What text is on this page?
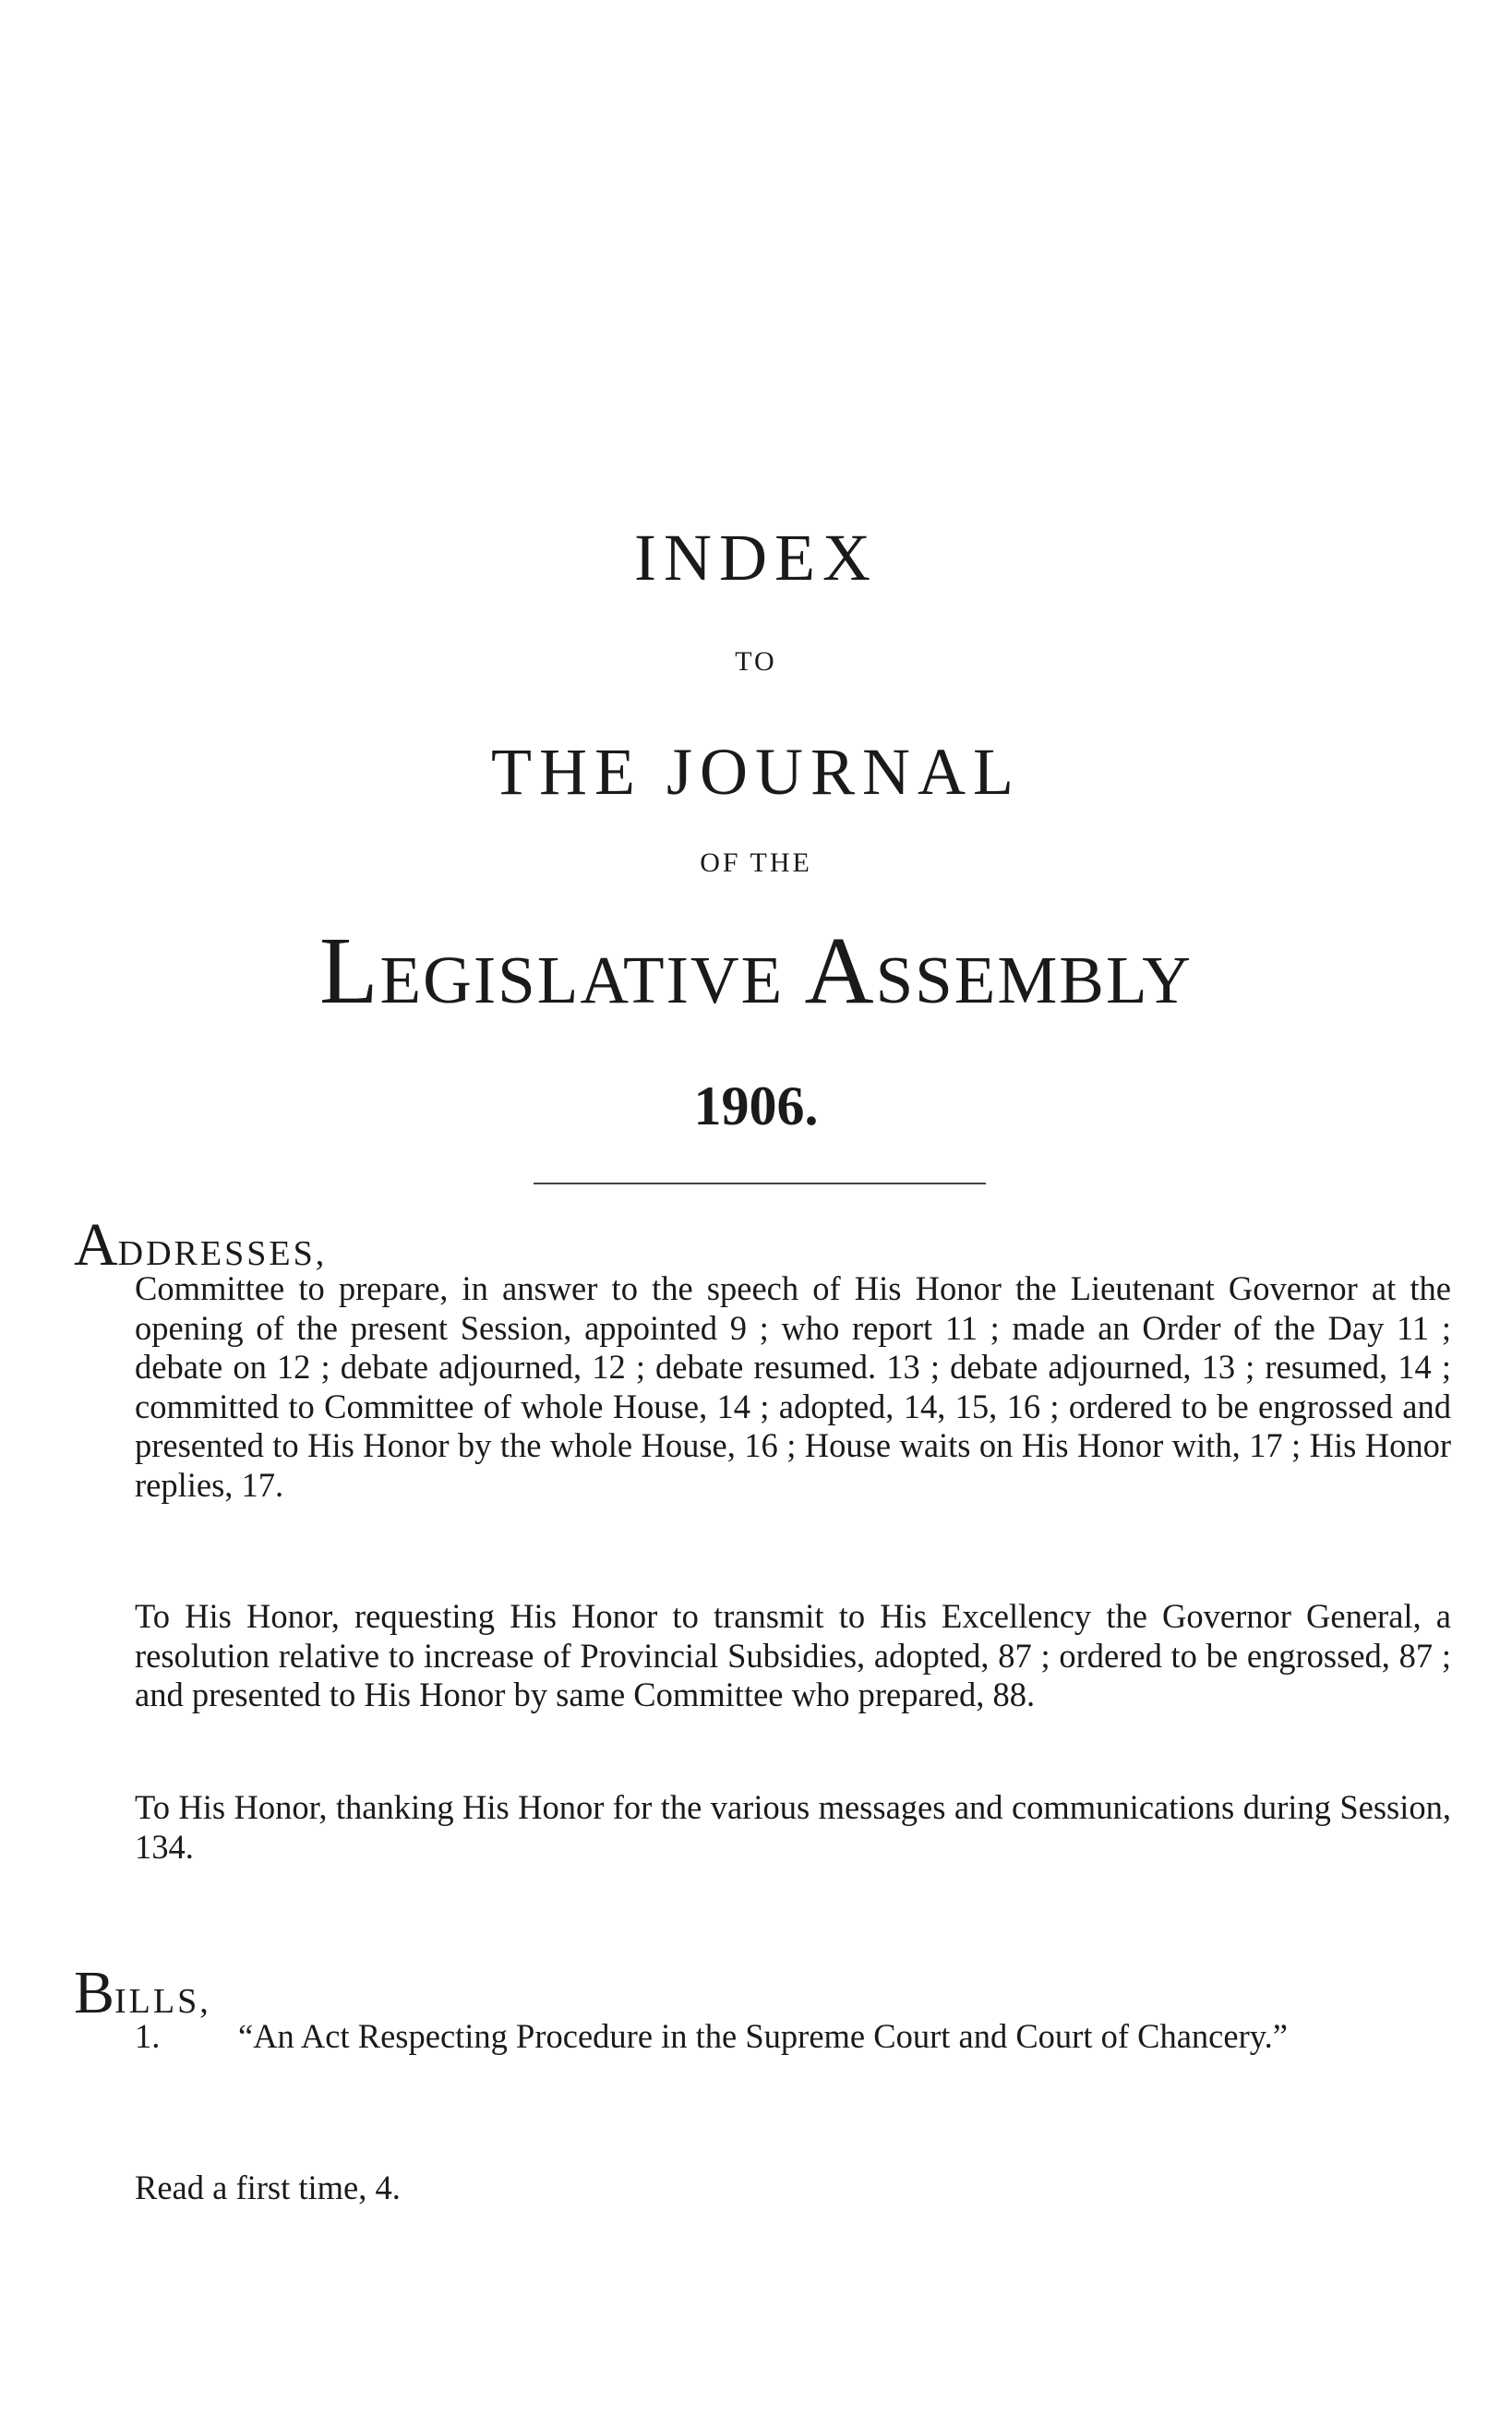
INDEX
TO
THE JOURNAL
OF THE
Legislative Assembly
1906.
ADDRESSES,

Committee to prepare, in answer to the speech of His Honor the Lieutenant Governor at the opening of the present Session, appointed 9 ; who report 11 ; made an Order of the Day 11 ; debate on 12 ; debate adjourned, 12 ; debate resumed. 13 ; debate adjourned, 13 ; resumed, 14 ; committed to Committee of whole House, 14 ; adopted, 14, 15, 16 ; ordered to be engrossed and presented to His Honor by the whole House, 16 ; House waits on His Honor with, 17 ; His Honor replies, 17.

To His Honor, requesting His Honor to transmit to His Excellency the Governor General, a resolution relative to increase of Provincial Subsidies, adopted, 87 ; ordered to be engrossed, 87 ; and presented to His Honor by same Committee who prepared, 88.

To His Honor, thanking His Honor for the various messages and communications during Session, 134.

BILLS,
1. “An Act Respecting Procedure in the Supreme Court and Court of Chancery.”
Read a first time, 4.
